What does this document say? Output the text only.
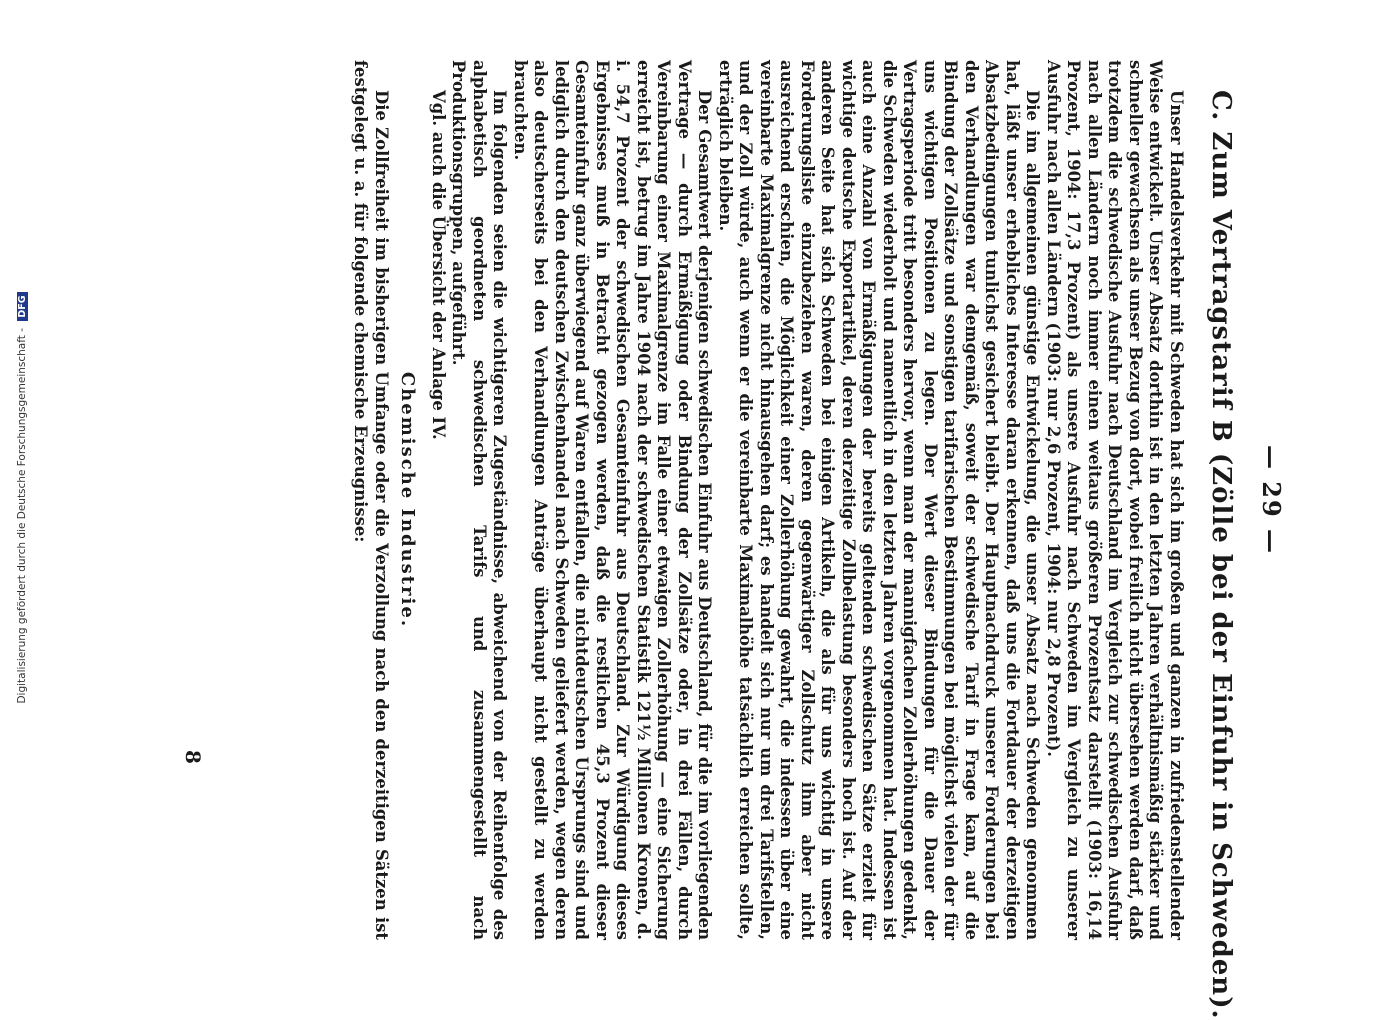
— 29 —
C. Zum Vertragstarif B (Zölle bei der Einfuhr in Schweden).

Unser Handelsverkehr mit Schweden hat sich im großen und ganzen in zufriedenstellender Weise entwickelt. Unser Absatz dorthin ist in den letzten Jahren verhältnismäßig stärker und schneller gewachsen als unser Bezug von dort, wobei freilich nicht übersehen werden darf, daß trotzdem die schwedische Ausfuhr nach Deutschland im Vergleich zur schwedischen Ausfuhr nach allen Ländern noch immer einen weitaus größeren Prozentsatz darstellt (1903: 16,14 Prozent, 1904: 17,3 Prozent) als unsere Ausfuhr nach Schweden im Vergleich zu unserer Ausfuhr nach allen Ländern (1903: nur 2,6 Prozent, 1904: nur 2,8 Prozent).

Die im allgemeinen günstige Entwickelung, die unser Absatz nach Schweden genommen hat, läßt unser erhebliches Interesse daran erkennen, daß uns die Fortdauer der derzeitigen Absatzbedingungen tunlichst gesichert bleibt. Der Hauptnachdruck unserer Forderungen bei den Verhandlungen war demgemäß, soweit der schwedische Tarif in Frage kam, auf die Bindung der Zollsätze und sonstigen tarifarischen Bestimmungen bei möglichst vielen der für uns wichtigen Positionen zu legen. Der Wert dieser Bindungen für die Dauer der Vertragsperiode tritt besonders hervor, wenn man der mannigfachen Zollerhöhungen gedenkt, die Schweden wiederholt und namentlich in den letzten Jahren vorgenommen hat. Indessen ist auch eine Anzahl von Ermäßigungen der bereits geltenden schwedischen Sätze erzielt für wichtige deutsche Exportartikel, deren derzeitige Zollbelastung besonders hoch ist. Auf der anderen Seite hat sich Schweden bei einigen Artikeln, die als für uns wichtig in unsere Forderungsliste einzubeziehen waren, deren gegenwärtiger Zollschutz ihm aber nicht ausreichend erschien, die Möglichkeit einer Zollerhöhung gewahrt, die indessen über eine vereinbarte Maximalgrenze nicht hinausgehen darf; es handelt sich nur um drei Tarifstellen, und der Zoll würde, auch wenn er die vereinbarte Maximalhöhe tatsächlich erreichen sollte, erträglich bleiben.

Der Gesamtwert derjenigen schwedischen Einfuhr aus Deutschland, für die im vorliegenden Vertrage — durch Ermäßigung oder Bindung der Zollsätze oder, in drei Fällen, durch Vereinbarung einer Maximalgrenze im Falle einer etwaigen Zollerhöhung — eine Sicherung erreicht ist, betrug im Jahre 1904 nach der schwedischen Statistik 121½ Millionen Kronen, d. i. 54,7 Prozent der schwedischen Gesamteinfuhr aus Deutschland. Zur Würdigung dieses Ergebnisses muß in Betracht gezogen werden, daß die restlichen 45,3 Prozent dieser Gesamteinfuhr ganz überwiegend auf Waren entfallen, die nichtdeutschen Ursprungs sind und lediglich durch den deutschen Zwischenhandel nach Schweden geliefert werden, wegen deren also deutscherseits bei den Verhandlungen Anträge überhaupt nicht gestellt zu werden brauchten.

Im folgenden seien die wichtigeren Zugeständnisse, abweichend von der Reihenfolge des alphabetisch geordneten schwedischen Tarifs und zusammengestellt nach Produktionsgruppen, aufgeführt.

Vgl. auch die Übersicht der Anlage IV.

Chemische Industrie.

Die Zollfreiheit im bisherigen Umfange oder die Verzollung nach den derzeitigen Sätzen ist festgelegt u. a. für folgende chemische Erzeugnisse:

8
Digitalisierung gefördert durch die Deutsche Forschungsgemeinschaft - DFG
